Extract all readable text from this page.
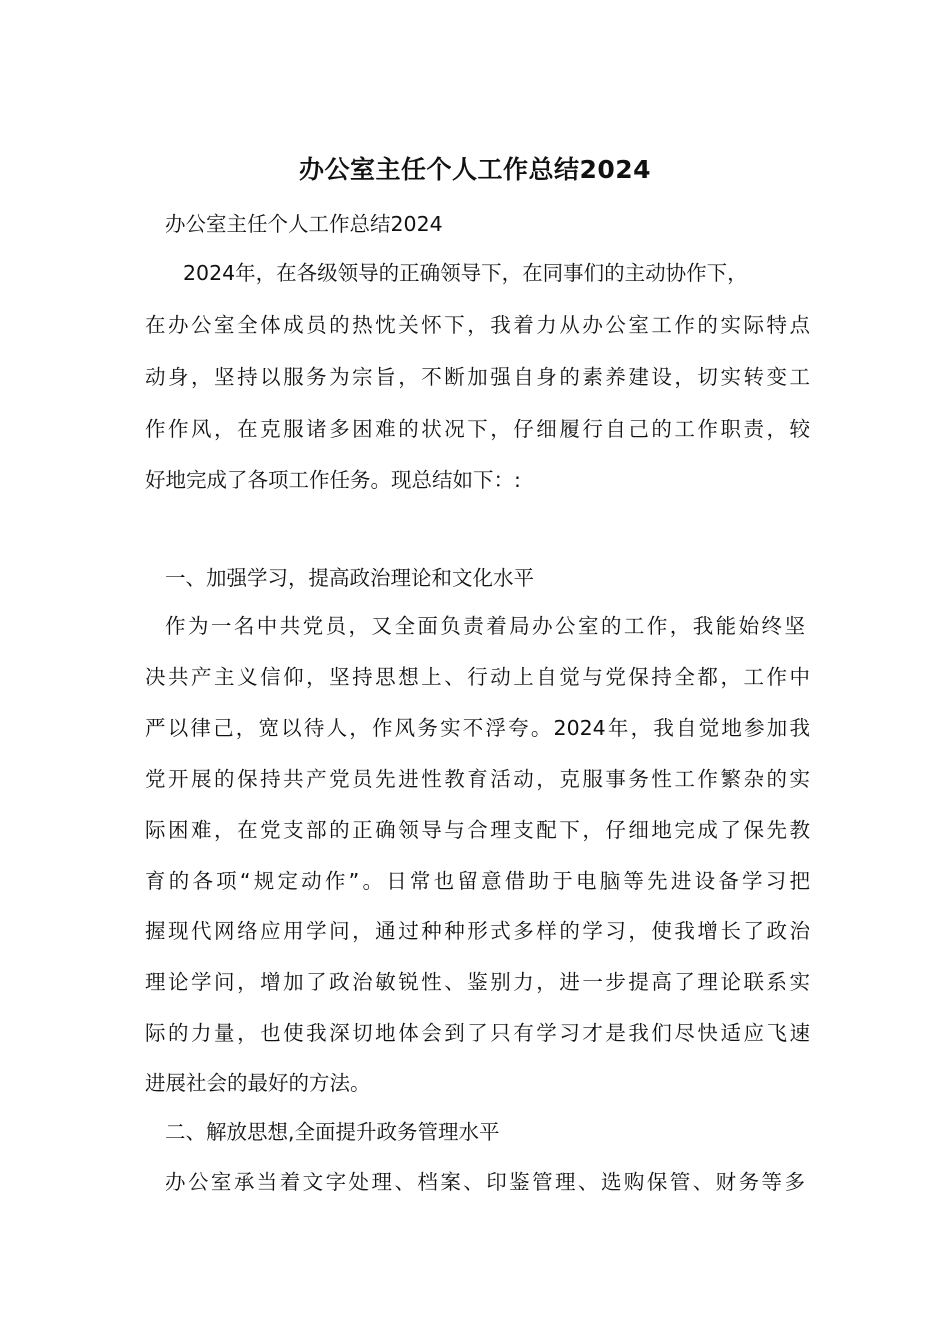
办公室主任个人工作总结2024
办公室主任个人工作总结2024
2024年，在各级领导的正确领导下，在同事们的主动协作下，
在办公室全体成员的热忱关怀下，我着力从办公室工作的实际特点
动身，坚持以服务为宗旨，不断加强自身的素养建设，切实转变工
作作风，在克服诸多困难的状况下，仔细履行自己的工作职责，较
好地完成了各项工作任务。现总结如下：:
一、加强学习，提高政治理论和文化水平
作为一名中共党员，又全面负责着局办公室的工作，我能始终坚
决共产主义信仰，坚持思想上、行动上自觉与党保持全都，工作中
严以律己，宽以待人，作风务实不浮夸。2024年，我自觉地参加我
党开展的保持共产党员先进性教育活动，克服事务性工作繁杂的实
际困难，在党支部的正确领导与合理支配下，仔细地完成了保先教
育的各项“规定动作”。日常也留意借助于电脑等先进设备学习把
握现代网络应用学问，通过种种形式多样的学习，使我增长了政治
理论学问，增加了政治敏锐性、鉴别力，进一步提高了理论联系实
际的力量，也使我深切地体会到了只有学习才是我们尽快适应飞速
进展社会的最好的方法。
二、解放思想,全面提升政务管理水平
办公室承当着文字处理、档案、印鉴管理、选购保管、财务等多
